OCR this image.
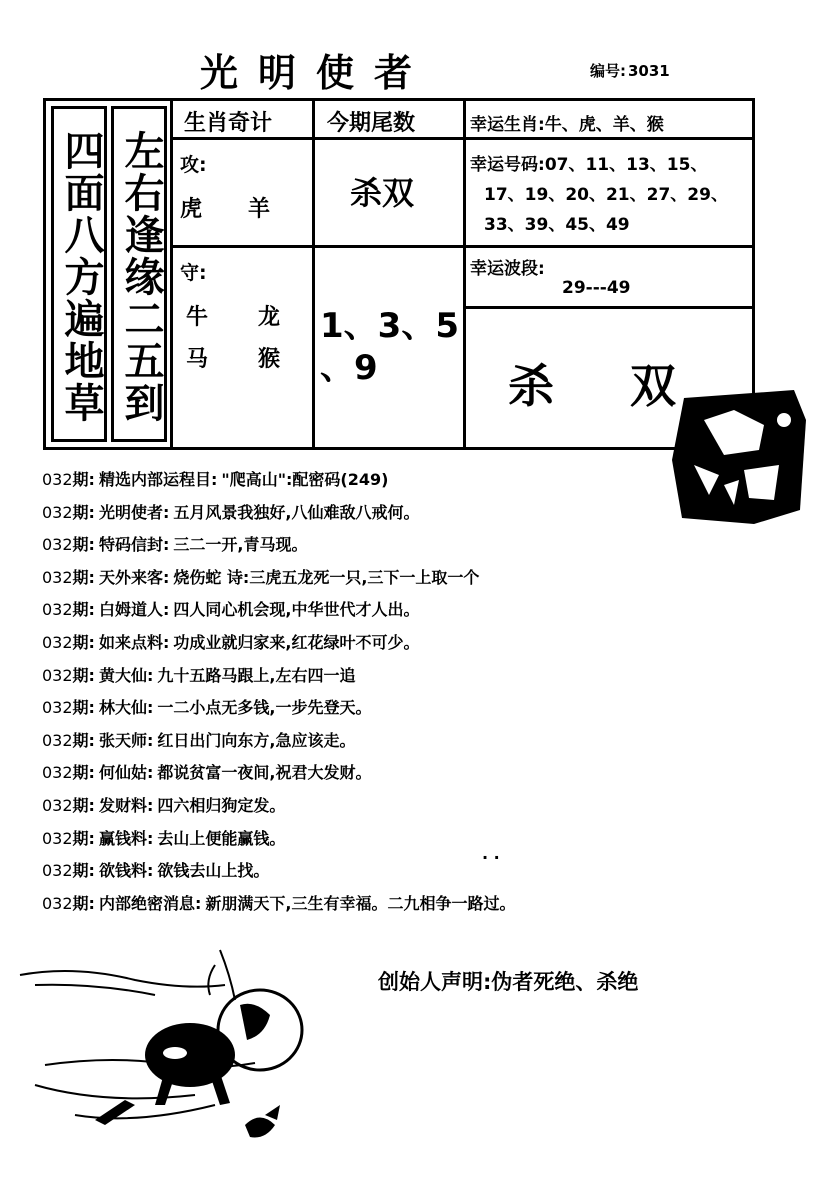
光明使者	编号: 3031
四面八方遍地草 左右逢缘二五到
生肖奇计 今期尾数	幸运生肖:牛、虎、羊、猴
攻:
虎 羊
守:
牛 龙
马 猴
杀双
1、3、5
、9
幸运号码:07、11、13、15、
17、19、20、21、27、29、
33、39、45、49
幸运波段:
29---49
杀 双
032期: 精选内部运程目: "爬高山":配密码(249)
032期: 光明使者: 五月风景我独好,八仙难敌八戒何。
032期: 特码信封: 三二一开,青马现。
032期: 天外来客: 烧伤蛇 诗:三虎五龙死一只,三下一上取一个
032期: 白姆道人: 四人同心机会现,中华世代才人出。
032期: 如来点料: 功成业就归家来,红花绿叶不可少。
032期: 黄大仙: 九十五路马跟上,左右四一追
032期: 林大仙: 一二小点无多钱,一步先登天。
032期: 张天师: 红日出门向东方,急应该走。
032期: 何仙姑: 都说贫富一夜间,祝君大发财。
032期: 发财料: 四六相归狗定发。
032期: 赢钱料: 去山上便能赢钱。
032期: 欲钱料: 欲钱去山上找。
032期: 内部绝密消息: 新朋满天下,三生有幸福。二九相争一路过。
· ·
创始人声明:伪者死绝、杀绝
